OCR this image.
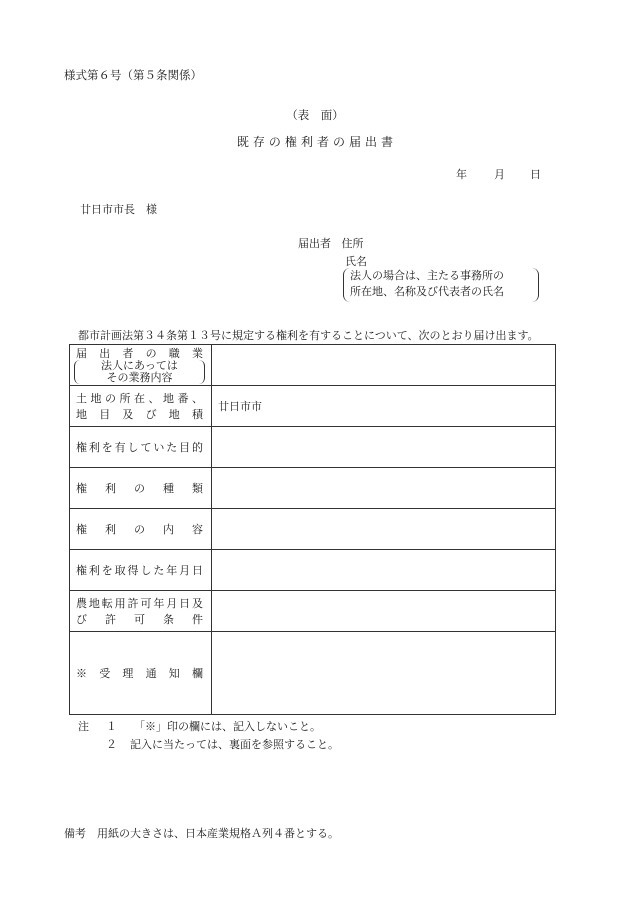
様式第６号（第５条関係）
（表　面）
既 存 の 権 利 者 の 届 出 書
年 月 日
廿日市市長　様
届出者 住所
氏名
法人の場合は、主たる事務所の
所在地、名称及び代表者の氏名
都市計画法第３４条第１３号に規定する権利を有することについて、次のとおり届け出ます。
届 出 者 の 職 業
法人にあっては
その業務内容	

土地の所在、地番、
地 目 及 び 地 積	廿日市市

権利を有していた目的	

権　利　の　種　類	

権　利　の　内　容	

権利を取得した年月日	

農地転用許可年月日及
び 許 可 条 件	

※ 受 理 通 知 欄	

注	１	「※」印の欄には、記入しないこと。
２	記入に当たっては、裏面を参照すること。
備考　用紙の大きさは、日本産業規格Ａ列４番とする。
